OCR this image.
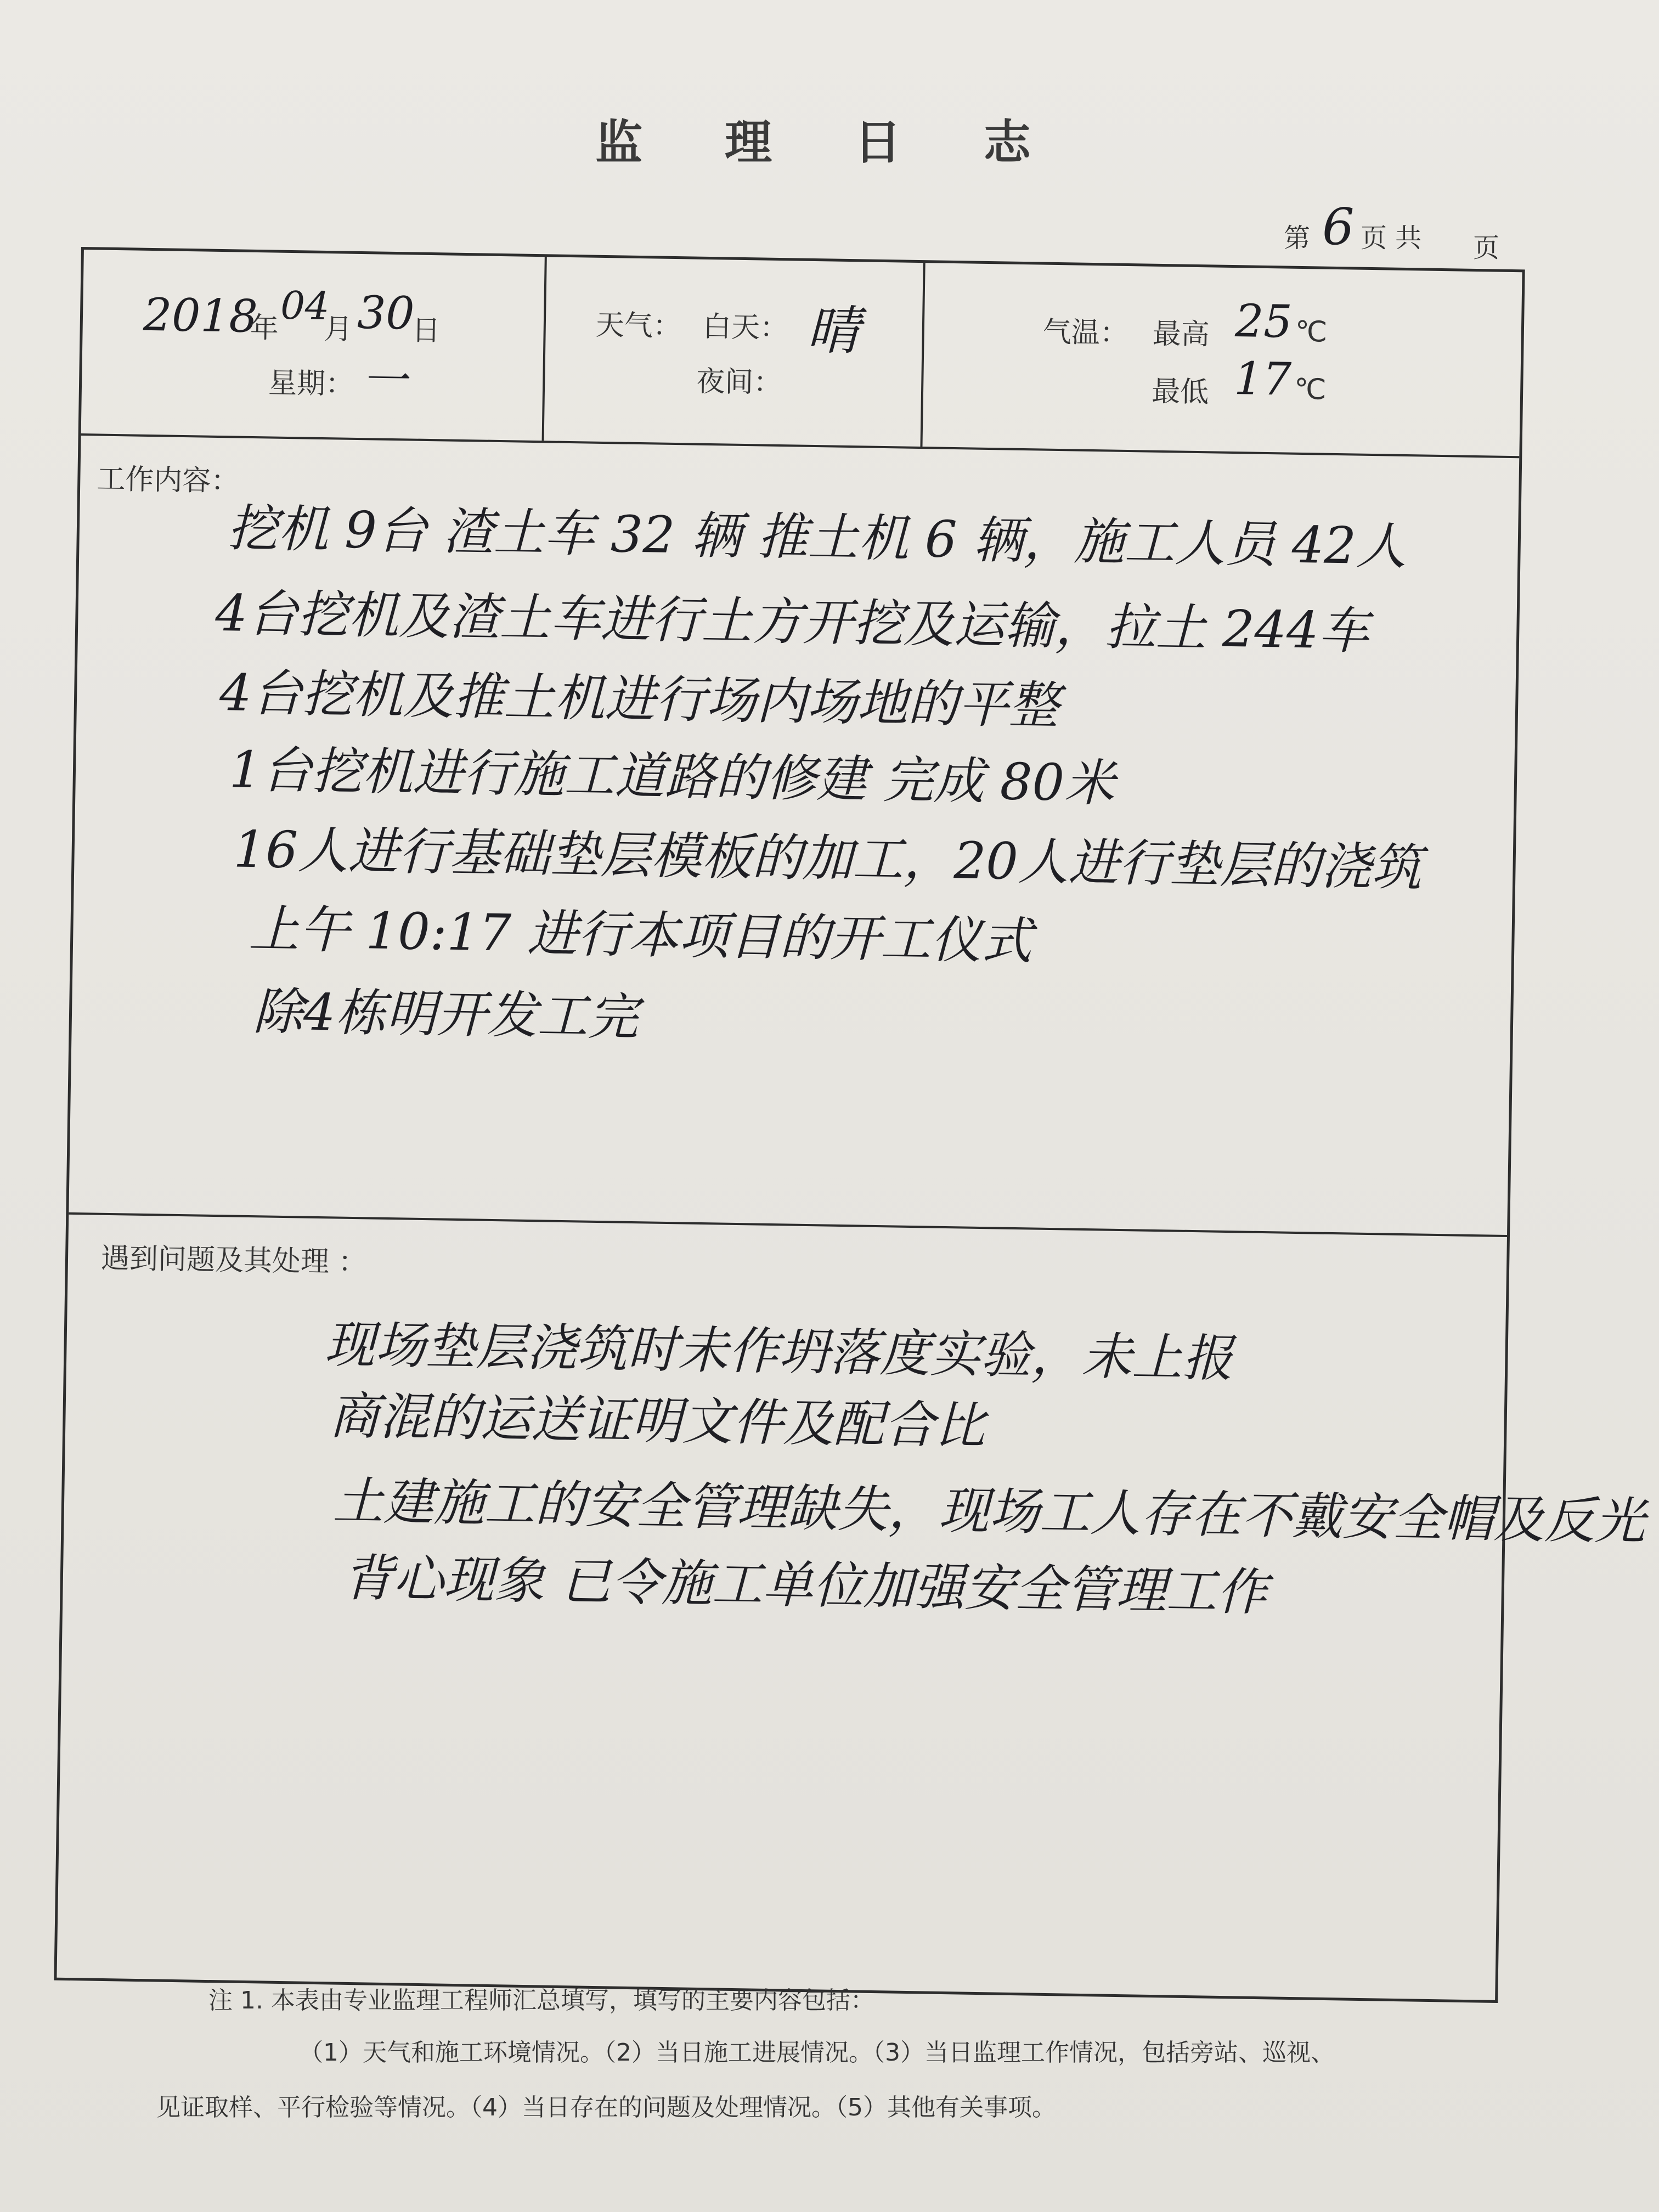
监 理 日 志
第 6 页 共 页
2018
年 04
月 30
日
星期： 一
天气： 白天： 晴
夜间：
气温： 最高 25 ℃
最低 17 ℃
工作内容：
挖机 9台 渣土车 32 辆 推土机 6 辆，施工人员 42人
4台挖机及渣土车进行土方开挖及运输，拉土 244车
4台挖机及推土机进行场内场地的平整
1台挖机进行施工道路的修建 完成 80米
16人进行基础垫层模板的加工，20人进行垫层的浇筑
上午 10:17 进行本项目的开工仪式
除4栋明开发工完
遇到问题及其处理 ：
现场垫层浇筑时未作坍落度实验，未上报
商混的运送证明文件及配合比
土建施工的安全管理缺失，现场工人存在不戴安全帽及反光
背心现象 已令施工单位加强安全管理工作
注 1. 本表由专业监理工程师汇总填写，填写的主要内容包括：
（1）天气和施工环境情况。（2）当日施工进展情况。（3）当日监理工作情况，包括旁站、巡视、
见证取样、平行检验等情况。（4）当日存在的问题及处理情况。（5）其他有关事项。
